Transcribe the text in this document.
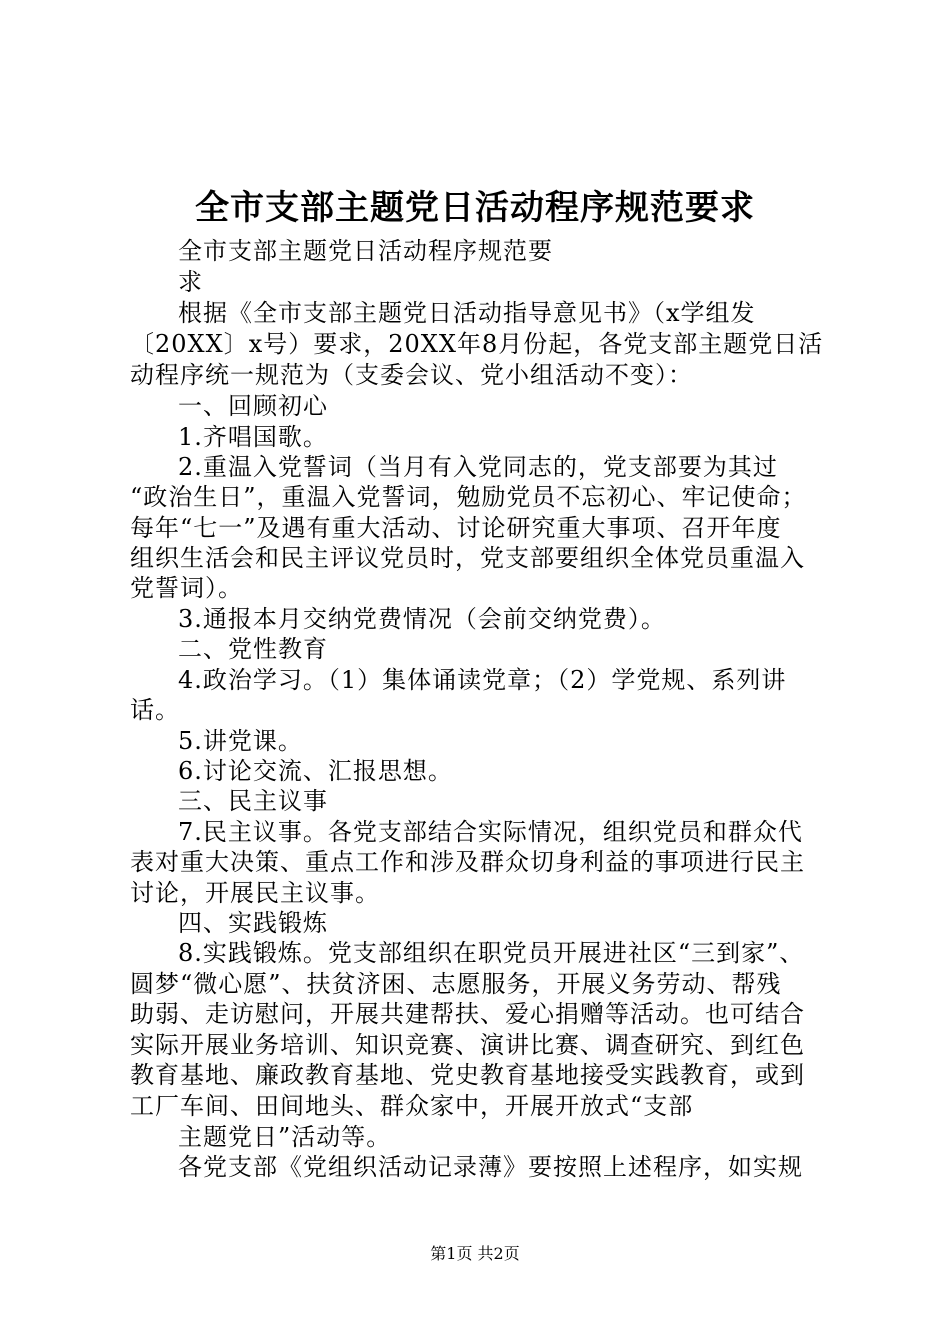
全市支部主题党日活动程序规范要求
全市支部主题党日活动程序规范要
求
根据《全市支部主题党日活动指导意见书》（x学组发
〔20XX〕x号）要求，20XX年8月份起，各党支部主题党日活
动程序统一规范为（支委会议、党小组活动不变）：
一、回顾初心
1.齐唱国歌。
2.重温入党誓词（当月有入党同志的，党支部要为其过
“政治生日”，重温入党誓词，勉励党员不忘初心、牢记使命；
每年“七一”及遇有重大活动、讨论研究重大事项、召开年度
组织生活会和民主评议党员时，党支部要组织全体党员重温入
党誓词）。
3.通报本月交纳党费情况（会前交纳党费）。
二、党性教育
4.政治学习。（1）集体诵读党章；（2）学党规、系列讲
话。
5.讲党课。
6.讨论交流、汇报思想。
三、民主议事
7.民主议事。各党支部结合实际情况，组织党员和群众代
表对重大决策、重点工作和涉及群众切身利益的事项进行民主
讨论，开展民主议事。
四、实践锻炼
8.实践锻炼。党支部组织在职党员开展进社区“三到家”、
圆梦“微心愿”、扶贫济困、志愿服务，开展义务劳动、帮残
助弱、走访慰问，开展共建帮扶、爱心捐赠等活动。也可结合
实际开展业务培训、知识竞赛、演讲比赛、调查研究、到红色
教育基地、廉政教育基地、党史教育基地接受实践教育，或到
工厂车间、田间地头、群众家中，开展开放式“支部
主题党日”活动等。
各党支部《党组织活动记录薄》要按照上述程序，如实规
第1页 共2页
